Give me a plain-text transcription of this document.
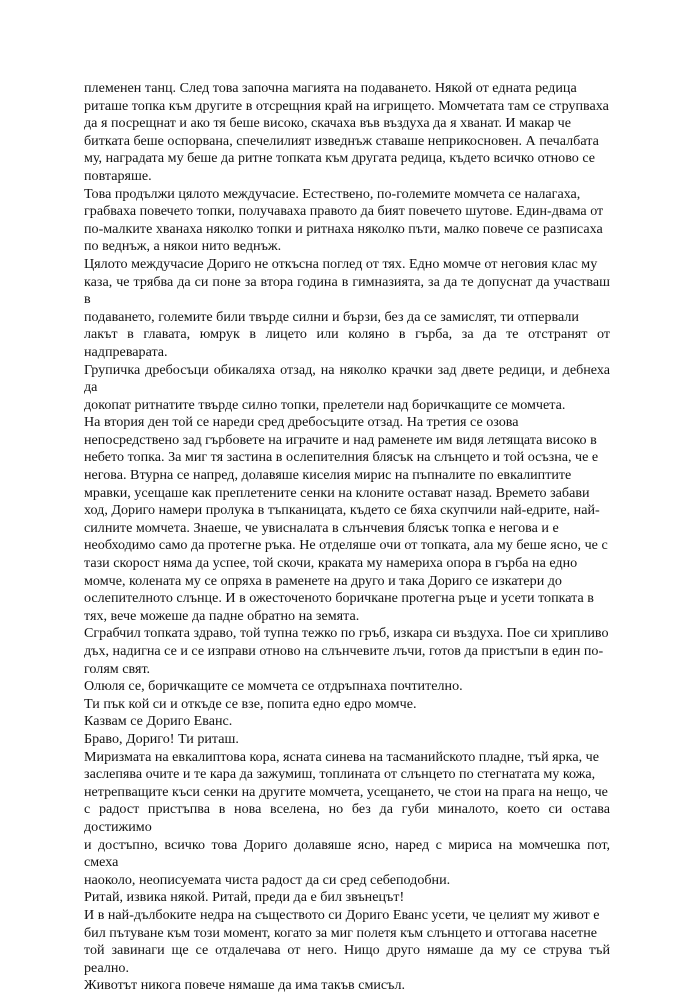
племенен танц. След това започна магията на подаването. Някой от едната редица
риташе топка към другите в отсрещния край на игрището. Момчетата там се струпваха
да я посрещнат и ако тя беше високо, скачаха във въздуха да я хванат. И макар че
битката беше оспорвана, спечелилият изведнъж ставаше неприкосновен. А печалбата
му, наградата му беше да ритне топката към другата редица, където всичко отново се
повтаряше.

Това продължи цялото междучасие. Естествено, по-големите момчета се налагаха,
грабваха повечето топки, получаваха правото да бият повечето шутове. Един-двама от
по-малките хванаха няколко топки и ритнаха няколко пъти, малко повече се разписаха
по веднъж, а някои нито веднъж.

Цялото междучасие Дориго не откъсна поглед от тях. Едно момче от неговия клас му
каза, че трябва да си поне за втора година в гимназията, за да те допуснат да участваш в
подаването, големите били твърде силни и бързи, без да се замислят, ти отпервали
лакът в главата, юмрук в лицето или коляно в гърба, за да те отстранят от надпреварата.
Групичка дребосъци обикаляха отзад, на няколко крачки зад двете редици, и дебнеха да
докопат ритнатите твърде силно топки, прелетели над боричкащите се момчета.

На втория ден той се нареди сред дребосъците отзад. На третия се озова
непосредствено зад гърбовете на играчите и над раменете им видя летящата високо в
небето топка. За миг тя застина в ослепителния блясък на слънцето и той осъзна, че е
негова. Втурна се напред, долавяше киселия мирис на пъпналите по евкалиптите
мравки, усещаше как преплетените сенки на клоните остават назад. Времето забави
ход, Дориго намери пролука в тъпканицата, където се бяха скупчили най-едрите, най-
силните момчета. Знаеше, че увисналата в слънчевия блясък топка е негова и е
необходимо само да протегне ръка. Не отделяше очи от топката, ала му беше ясно, че с
тази скорост няма да успее, той скочи, краката му намериха опора в гърба на едно
момче, колената му се опряха в раменете на друго и така Дориго се изкатери до
ослепителното слънце. И в ожесточеното боричкане протегна ръце и усети топката в
тях, вече можеше да падне обратно на земята.

Сграбчил топката здраво, той тупна тежко по гръб, изкара си въздуха. Пое си хрипливо
дъх, надигна се и се изправи отново на слънчевите лъчи, готов да пристъпи в един по-
голям свят.

Олюля се, боричкащите се момчета се отдръпнаха почтително.

Ти пък кой си и откъде се взе, попита едно едро момче.

Казвам се Дориго Еванс.

Браво, Дориго! Ти риташ.

Миризмата на евкалиптова кора, ясната синева на тасманийското пладне, тъй ярка, че
заслепява очите и те кара да зажумиш, топлината от слънцето по стегнатата му кожа,
нетрепващите къси сенки на другите момчета, усещането, че стои на прага на нещо, че
с радост пристъпва в нова вселена, но без да губи миналото, което си остава достижимо
и достъпно, всичко това Дориго долавяше ясно, наред с мириса на момчешка пот, смеха
наоколо, неописуемата чиста радост да си сред себеподобни.

Ритай, извика някой. Ритай, преди да е бил звънецът!

И в най-дълбоките недра на съществото си Дориго Еванс усети, че целият му живот е
бил пътуване към този момент, когато за миг полетя към слънцето и оттогава насетне
той завинаги ще се отдалечава от него. Нищо друго нямаше да му се струва тъй реално.
Животът никога повече нямаше да има такъв смисъл.
